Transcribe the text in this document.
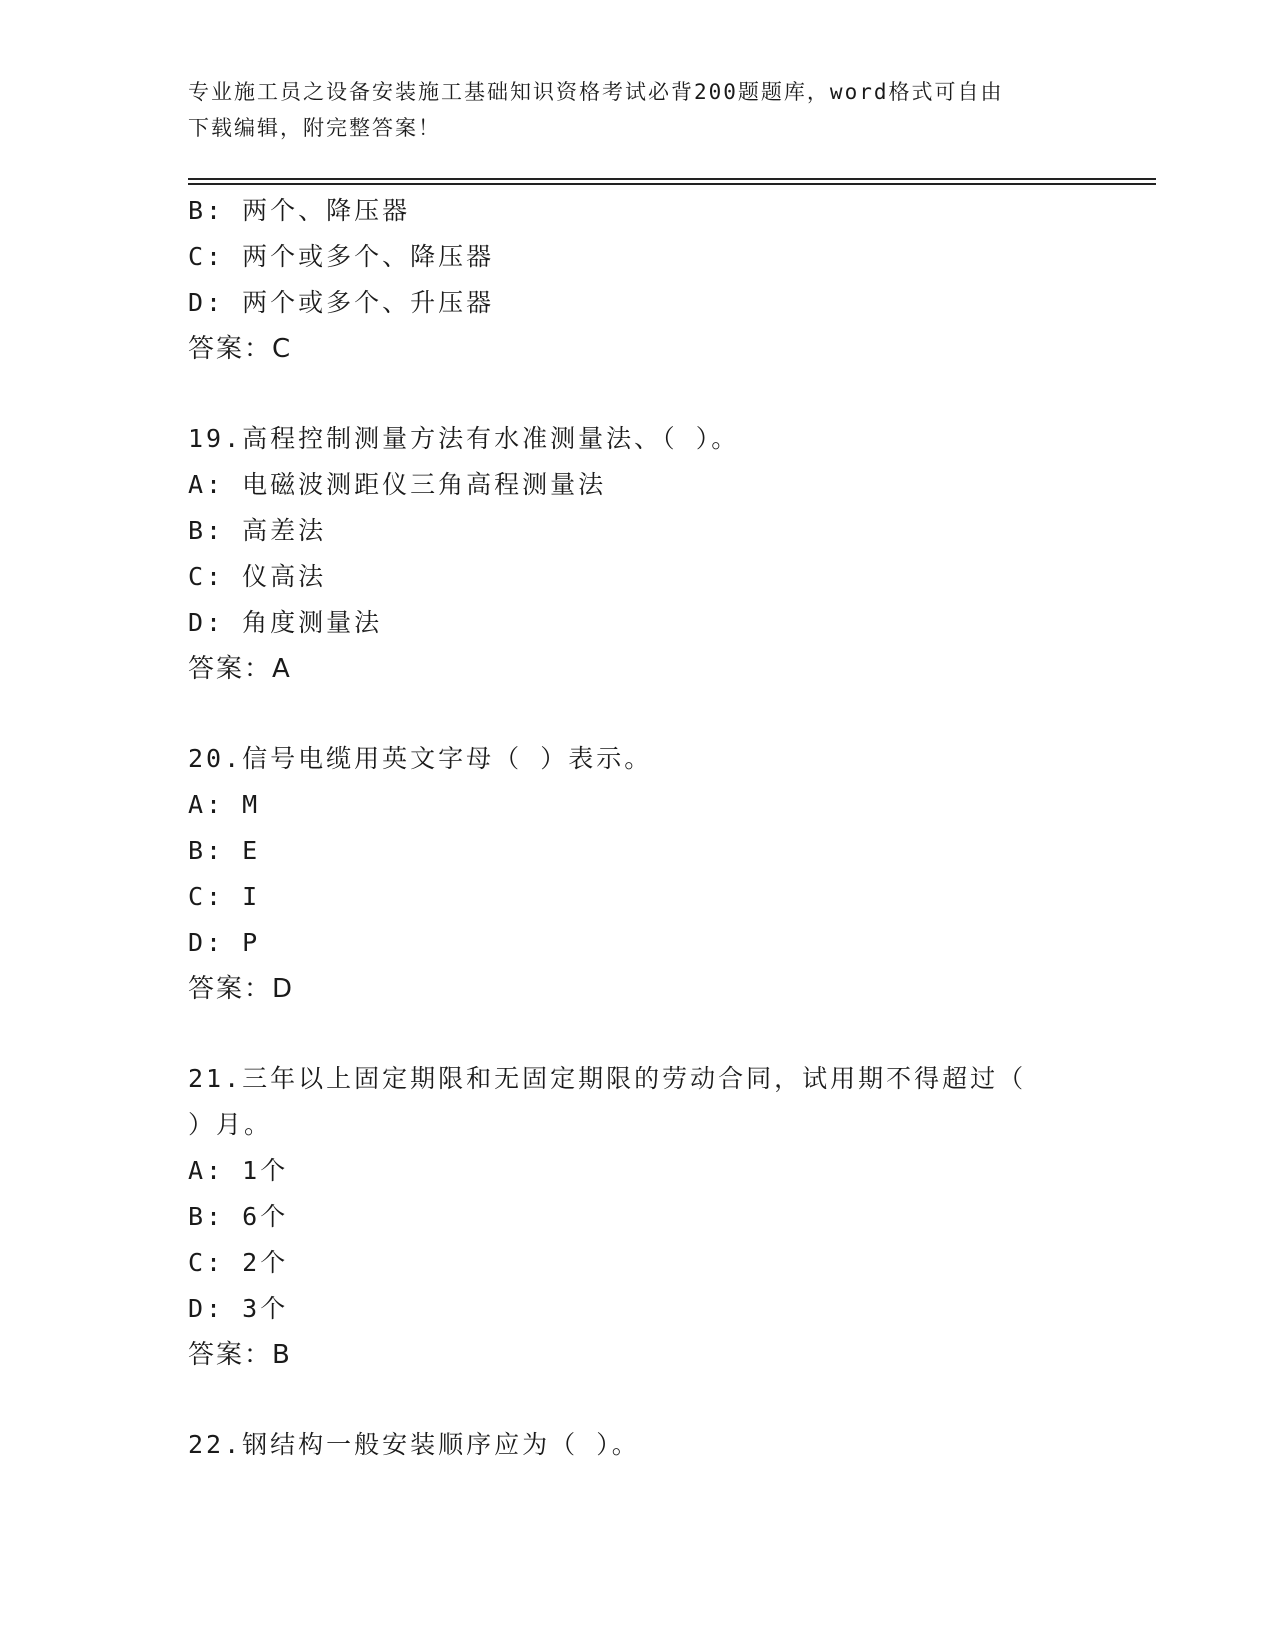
专业施工员之设备安装施工基础知识资格考试必背200题题库，word格式可自由
下载编辑，附完整答案！
B: 两个、降压器
C: 两个或多个、降压器
D: 两个或多个、升压器
答案：C
19.高程控制测量方法有水准测量法、（ ）。
A: 电磁波测距仪三角高程测量法
B: 高差法
C: 仪高法
D: 角度测量法
答案：A
20.信号电缆用英文字母（ ）表示。
A: M
B: E
C: I
D: P
答案：D
21.三年以上固定期限和无固定期限的劳动合同，试用期不得超过（
）月。
A: 1个
B: 6个
C: 2个
D: 3个
答案：B
22.钢结构一般安装顺序应为（ ）。
